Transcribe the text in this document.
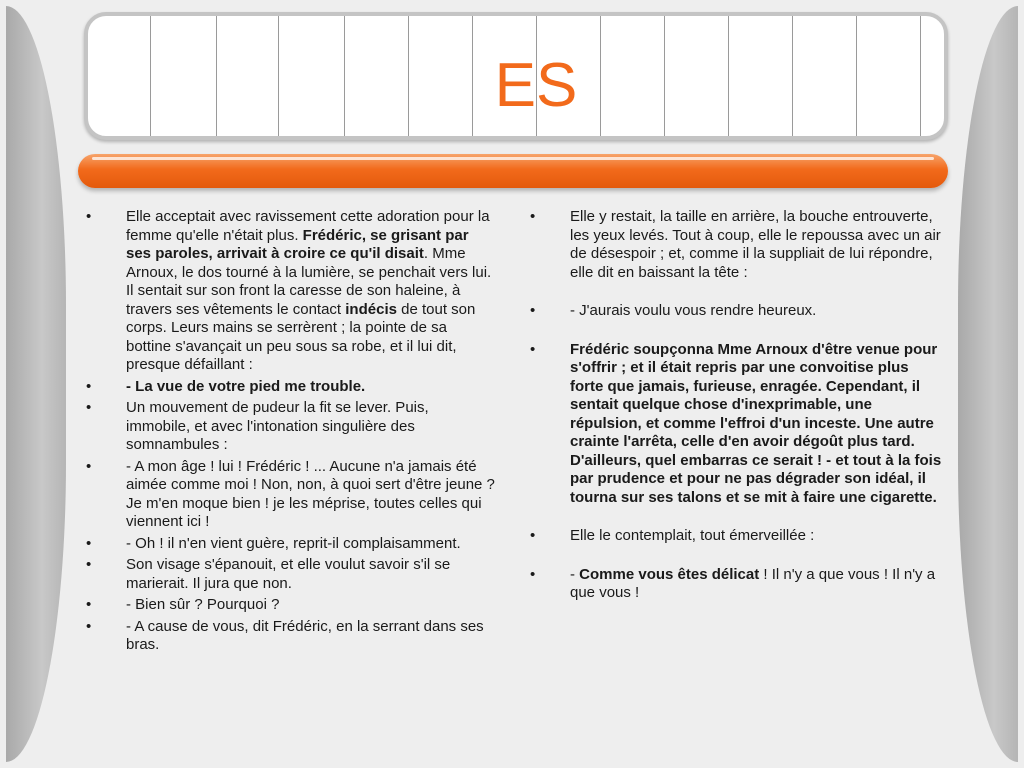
ES
• Elle acceptait avec ravissement cette adoration pour la femme qu'elle n'était plus. Frédéric, se grisant par ses paroles, arrivait à croire ce qu'il disait. Mme Arnoux, le dos tourné à la lumière, se penchait vers lui. Il sentait sur son front la caresse de son haleine, à travers ses vêtements le contact indécis de tout son corps. Leurs mains se serrèrent ; la pointe de sa bottine s'avançait un peu sous sa robe, et il lui dit, presque défaillant :
• - La vue de votre pied me trouble.
• Un mouvement de pudeur la fit se lever. Puis, immobile, et avec l'intonation singulière des somnambules :
• - A mon âge ! lui ! Frédéric ! ... Aucune n'a jamais été aimée comme moi ! Non, non, à quoi sert d'être jeune ? Je m'en moque bien ! je les méprise, toutes celles qui viennent ici !
• - Oh ! il n'en vient guère, reprit-il complaisamment.
• Son visage s'épanouit, et elle voulut savoir s'il se marierait. Il jura que non.
• - Bien sûr ? Pourquoi ?
• - A cause de vous, dit Frédéric, en la serrant dans ses bras.
• Elle y restait, la taille en arrière, la bouche entrouverte, les yeux levés. Tout à coup, elle le repoussa avec un air de désespoir ; et, comme il la suppliait de lui répondre, elle dit en baissant la tête :
• - J'aurais voulu vous rendre heureux.
• Frédéric soupçonna Mme Arnoux d'être venue pour s'offrir ; et il était repris par une convoitise plus forte que jamais, furieuse, enragée. Cependant, il sentait quelque chose d'inexprimable, une répulsion, et comme l'effroi d'un inceste. Une autre crainte l'arrêta, celle d'en avoir dégoût plus tard. D'ailleurs, quel embarras ce serait ! - et tout à la fois par prudence et pour ne pas dégrader son idéal, il tourna sur ses talons et se mit à faire une cigarette.
• Elle le contemplait, tout émerveillée :
• - Comme vous êtes délicat ! Il n'y a que vous ! Il n'y a que vous !
